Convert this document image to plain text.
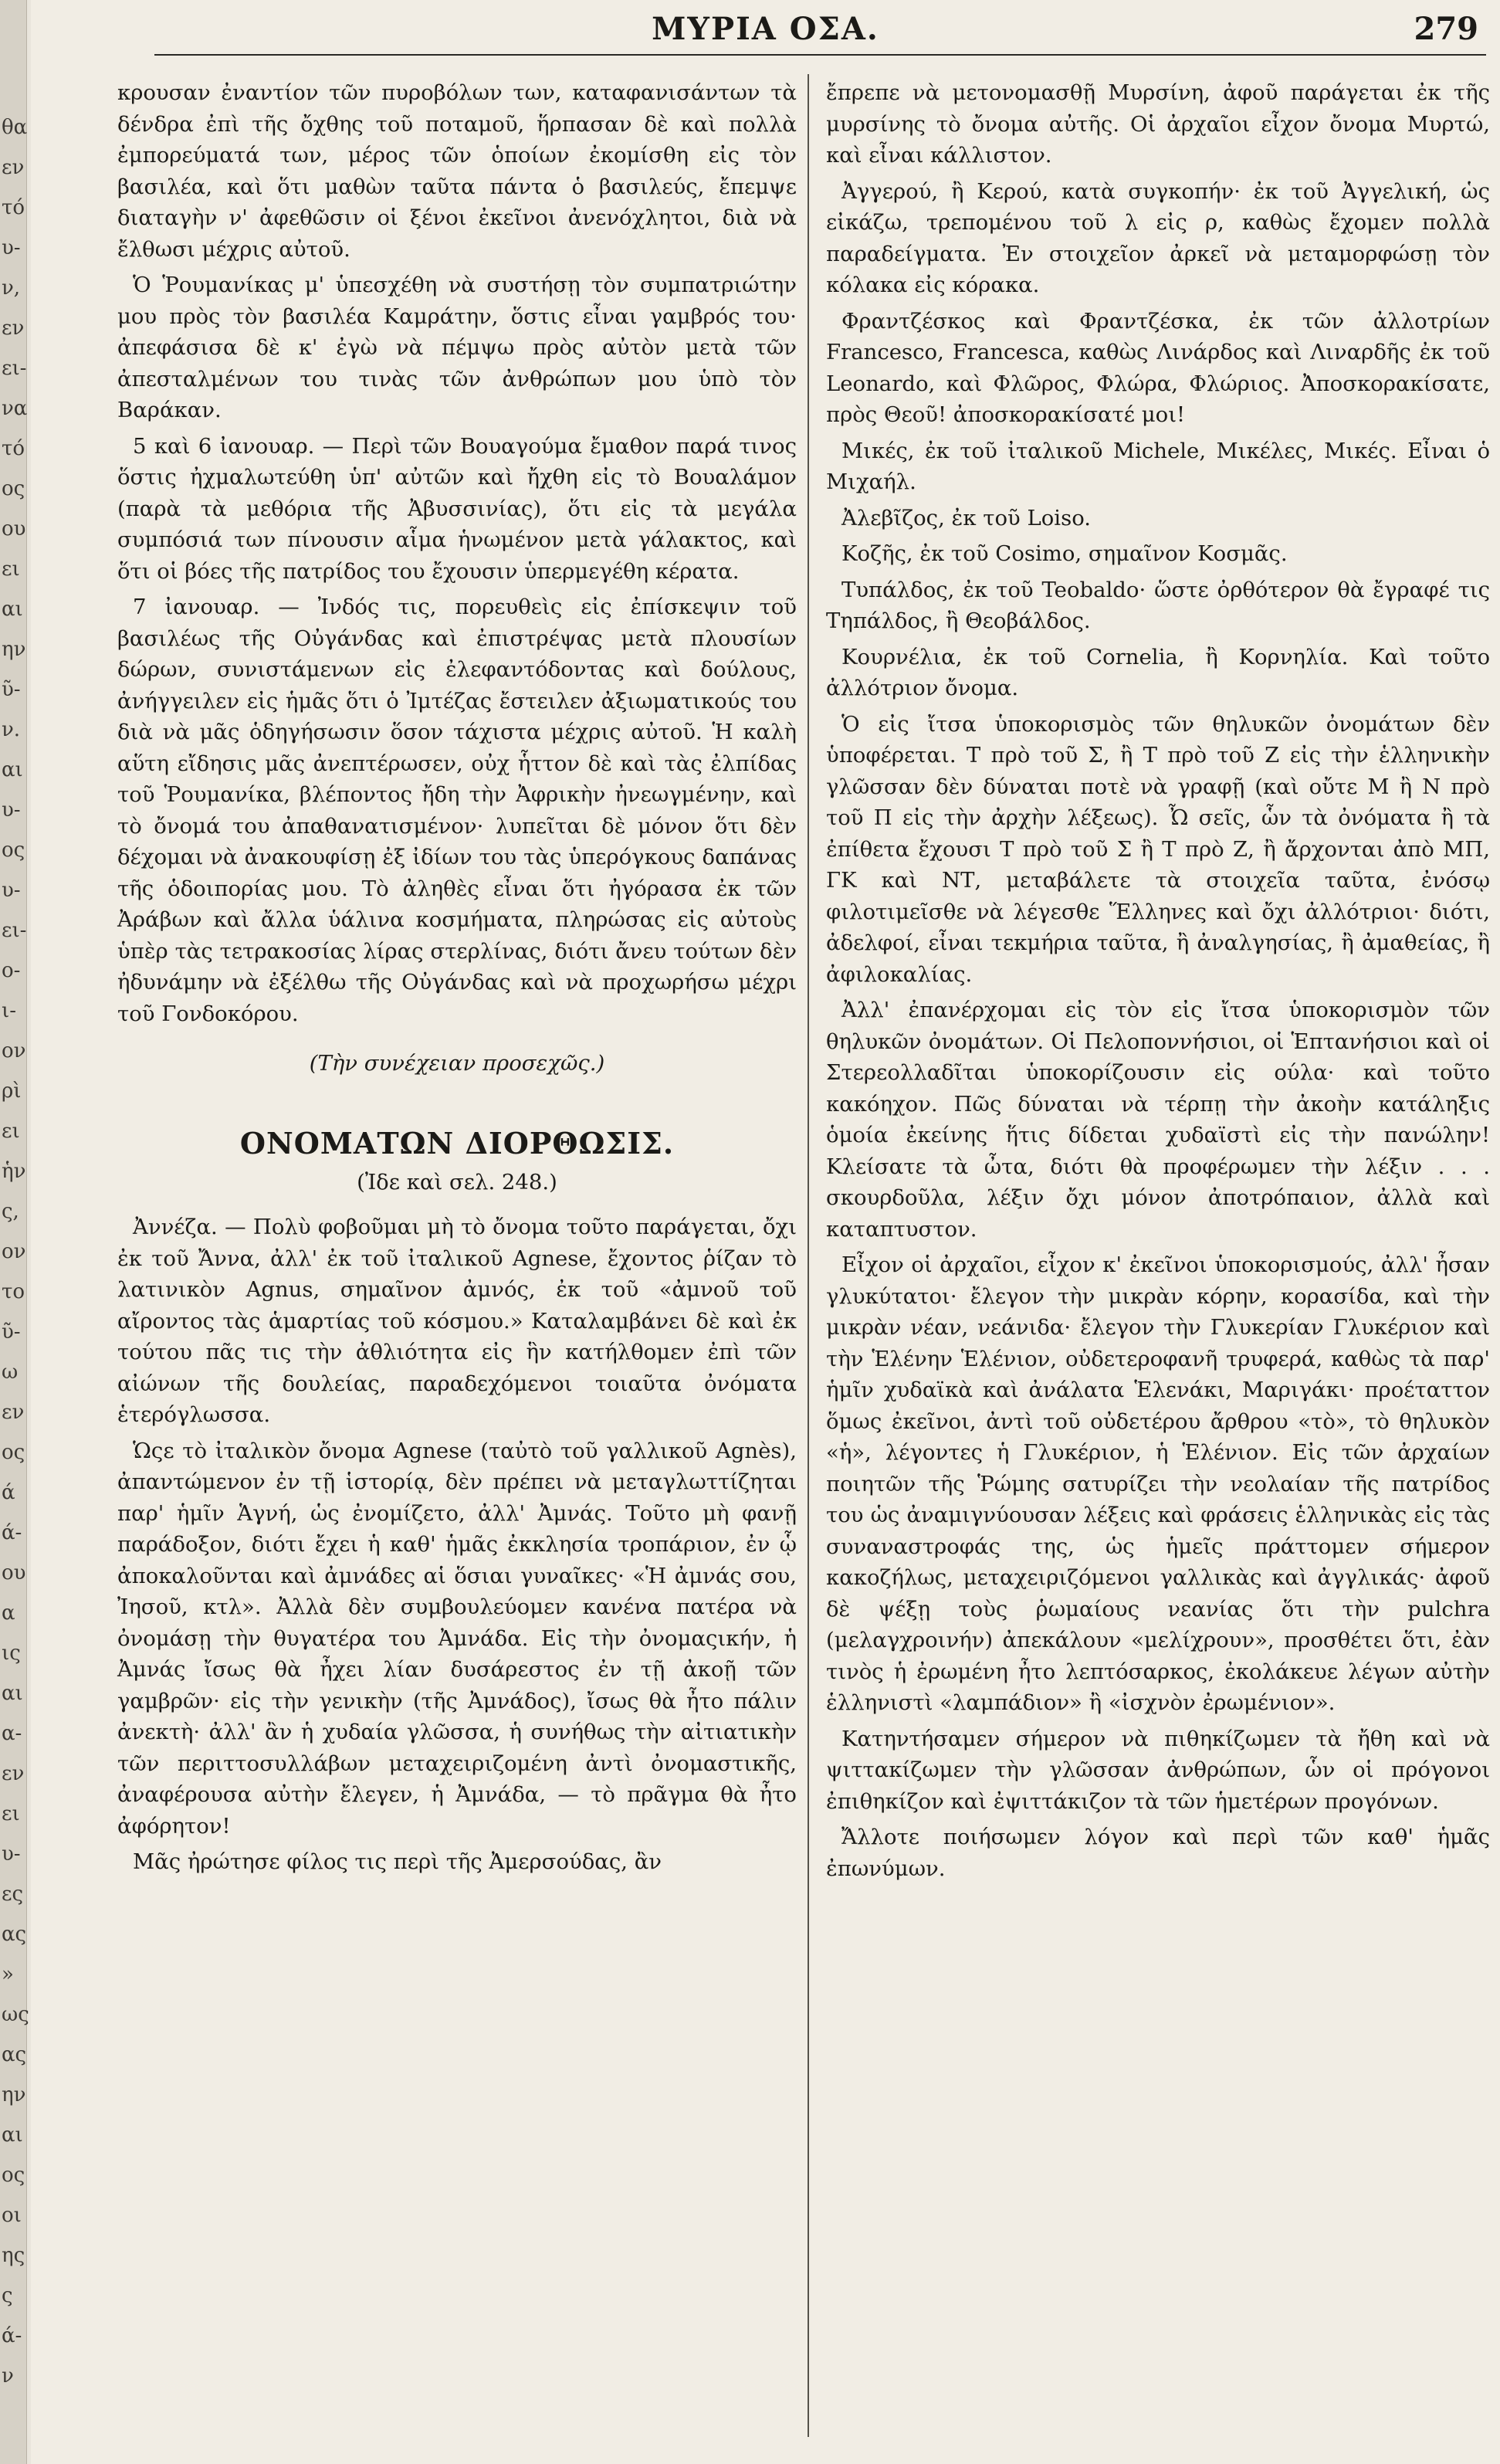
θα
εν
τό
υ-
ν,
εν
ει-
να
τό
ος
ου
ει
αι
ην
ῦ-
ν.
αι
υ-
ος
υ-
ει-
ο-
ι-
ον
ρὶ
ει
ἡν
ς,
ον
το
ῦ-
ω
εν
ος
ά
ά-
ου
α
ις
αι
α-
εν
ει
υ-
ες
ας
»
ως
ας
ην
αι
ος
οι
ης
ς
ά-
ν
ΜΥΡΙΑ ΟΣΑ.	279

κρουσαν ἐναντίον τῶν πυροβόλων των, καταφανισάντων τὰ δένδρα ἐπὶ τῆς ὄχθης τοῦ ποταμοῦ, ἥρπασαν δὲ καὶ πολλὰ ἐμπορεύματά των, μέρος τῶν ὁποίων ἐκομίσθη εἰς τὸν βασιλέα, καὶ ὅτι μαθὼν ταῦτα πάντα ὁ βασιλεύς, ἔπεμψε διαταγὴν ν' ἀφεθῶσιν οἱ ξένοι ἐκεῖνοι ἀνενόχλητοι, διὰ νὰ ἔλθωσι μέχρις αὐτοῦ.

Ὁ Ῥουμανίκας μ' ὑπεσχέθη νὰ συστήσῃ τὸν συμπατριώτην μου πρὸς τὸν βασιλέα Καμράτην, ὅστις εἶναι γαμβρός του· ἀπεφάσισα δὲ κ' ἐγὼ νὰ πέμψω πρὸς αὐτὸν μετὰ τῶν ἀπεσταλμένων του τινὰς τῶν ἀνθρώπων μου ὑπὸ τὸν Βαράκαν.

5 καὶ 6 ἰανουαρ. — Περὶ τῶν Βουαγούμα ἔμαθον παρά τινος ὅστις ἠχμαλωτεύθη ὑπ' αὐτῶν καὶ ἤχθη εἰς τὸ Βουαλάμον (παρὰ τὰ μεθόρια τῆς Ἀβυσσινίας), ὅτι εἰς τὰ μεγάλα συμπόσιά των πίνουσιν αἷμα ἡνωμένον μετὰ γάλακτος, καὶ ὅτι οἱ βόες τῆς πατρίδος του ἔχουσιν ὑπερμεγέθη κέρατα.

7 ἰανουαρ. — Ἰνδός τις, πορευθεὶς εἰς ἐπίσκεψιν τοῦ βασιλέως τῆς Οὐγάνδας καὶ ἐπιστρέψας μετὰ πλουσίων δώρων, συνιστάμενων εἰς ἐλεφαντόδοντας καὶ δούλους, ἀνήγγειλεν εἰς ἡμᾶς ὅτι ὁ Ἰμτέζας ἔστειλεν ἀξιωματικούς του διὰ νὰ μᾶς ὁδηγήσωσιν ὅσον τάχιστα μέχρις αὐτοῦ. Ἡ καλὴ αὕτη εἴδησις μᾶς ἀνεπτέρωσεν, οὐχ ἧττον δὲ καὶ τὰς ἐλπίδας τοῦ Ῥουμανίκα, βλέποντος ἤδη τὴν Ἀφρικὴν ἠνεωγμένην, καὶ τὸ ὄνομά του ἀπαθανατισμένον· λυπεῖται δὲ μόνον ὅτι δὲν δέχομαι νὰ ἀνακουφίσῃ ἐξ ἰδίων του τὰς ὑπερόγκους δαπάνας τῆς ὁδοιπορίας μου. Τὸ ἀληθὲς εἶναι ὅτι ἠγόρασα ἐκ τῶν Ἀράβων καὶ ἄλλα ὑάλινα κοσμήματα, πληρώσας εἰς αὐτοὺς ὑπὲρ τὰς τετρακοσίας λίρας στερλίνας, διότι ἄνευ τούτων δὲν ἠδυνάμην νὰ ἐξέλθω τῆς Οὐγάνδας καὶ νὰ προχωρήσω μέχρι τοῦ Γονδοκόρου.

(Τὴν συνέχειαν προσεχῶς.)

ΟΝΟΜΑΤΩΝ ΔΙΟΡΘΩΣΙΣ.

(Ἰδε καὶ σελ. 248.)

Ἀννέζα. — Πολὺ φοβοῦμαι μὴ τὸ ὄνομα τοῦτο παράγεται, ὄχι ἐκ τοῦ Ἄννα, ἀλλ' ἐκ τοῦ ἰταλικοῦ Agnese, ἔχοντος ῥίζαν τὸ λατινικὸν Agnus, σημαῖνον ἀμνός, ἐκ τοῦ «ἀμνοῦ τοῦ αἴροντος τὰς ἁμαρτίας τοῦ κόσμου.» Καταλαμβάνει δὲ καὶ ἐκ τούτου πᾶς τις τὴν ἀθλιότητα εἰς ἣν κατήλθομεν ἐπὶ τῶν αἰώνων τῆς δουλείας, παραδεχόμενοι τοιαῦτα ὀνόματα ἑτερόγλωσσα.

Ὡςε τὸ ἰταλικὸν ὄνομα Agnese (ταὐτὸ τοῦ γαλλικοῦ Agnès), ἀπαντώμενον ἐν τῇ ἱστορίᾳ, δὲν πρέπει νὰ μεταγλωττίζηται παρ' ἡμῖν Ἁγνή, ὡς ἐνομίζετο, ἀλλ' Ἀμνάς. Τοῦτο μὴ φανῇ παράδοξον, διότι ἔχει ἡ καθ' ἡμᾶς ἐκκλησία τροπάριον, ἐν ᾧ ἀποκαλοῦνται καὶ ἀμνάδες αἱ ὅσιαι γυναῖκες· «Ἡ ἀμνάς σου, Ἰησοῦ, κτλ». Ἀλλὰ δὲν συμβουλεύομεν κανένα πατέρα νὰ ὀνομάσῃ τὴν θυγατέρα του Ἀμνάδα. Εἰς τὴν ὀνομαςικήν, ἡ Ἀμνάς ἴσως θὰ ἦχει λίαν δυσάρεστος ἐν τῇ ἀκοῇ τῶν γαμβρῶν· εἰς τὴν γενικὴν (τῆς Ἀμνάδος), ἴσως θὰ ἦτο πάλιν ἀνεκτὴ· ἀλλ' ἂν ἡ χυδαία γλῶσσα, ἡ συνήθως τὴν αἰτιατικὴν τῶν περιττοσυλλάβων μεταχειριζομένη ἀντὶ ὀνομαστικῆς, ἀναφέρουσα αὐτὴν ἔλεγεν, ἡ Ἀμνάδα, — τὸ πρᾶγμα θὰ ἦτο ἀφόρητον!

Μᾶς ἠρώτησε φίλος τις περὶ τῆς Ἀμερσούδας, ἂν

ἔπρεπε νὰ μετονομασθῇ Μυρσίνη, ἀφοῦ παράγεται ἐκ τῆς μυρσίνης τὸ ὄνομα αὐτῆς. Οἱ ἀρχαῖοι εἶχον ὄνομα Μυρτώ, καὶ εἶναι κάλλιστον.

Ἀγγερού, ἢ Κερού, κατὰ συγκοπήν· ἐκ τοῦ Ἀγγελική, ὡς εἰκάζω, τρεπομένου τοῦ λ εἰς ρ, καθὼς ἔχομεν πολλὰ παραδείγματα. Ἐν στοιχεῖον ἀρκεῖ νὰ μεταμορφώσῃ τὸν κόλακα εἰς κόρακα.

Φραντζέσκος καὶ Φραντζέσκα, ἐκ τῶν ἀλλοτρίων Francesco, Francesca, καθὼς Λινάρδος καὶ Λιναρδῆς ἐκ τοῦ Leonardo, καὶ Φλῶρος, Φλώρα, Φλώριος. Ἀποσκορακίσατε, πρὸς Θεοῦ! ἀποσκορακίσατέ μοι!

Μικές, ἐκ τοῦ ἰταλικοῦ Michele, Μικέλες, Μικές. Εἶναι ὁ Μιχαήλ.

Ἀλεβῖζος, ἐκ τοῦ Loiso.

Κοζῆς, ἐκ τοῦ Cosimo, σημαῖνον Κοσμᾶς.

Τυπάλδος, ἐκ τοῦ Teobaldo· ὥστε ὀρθότερον θὰ ἔγραφέ τις Τηπάλδος, ἢ Θεοβάλδος.

Κουρνέλια, ἐκ τοῦ Cornelia, ἢ Κορνηλία. Καὶ τοῦτο ἀλλότριον ὄνομα.

Ὁ εἰς ἴτσα ὑποκορισμὸς τῶν θηλυκῶν ὀνομάτων δὲν ὑποφέρεται. Τ πρὸ τοῦ Σ, ἢ Τ πρὸ τοῦ Ζ εἰς τὴν ἑλληνικὴν γλῶσσαν δὲν δύναται ποτὲ νὰ γραφῇ (καὶ οὔτε Μ ἢ Ν πρὸ τοῦ Π εἰς τὴν ἀρχὴν λέξεως). Ὦ σεῖς, ὧν τὰ ὀνόματα ἢ τὰ ἐπίθετα ἔχουσι Τ πρὸ τοῦ Σ ἢ Τ πρὸ Ζ, ἢ ἄρχονται ἀπὸ ΜΠ, ΓΚ καὶ ΝΤ, μεταβάλετε τὰ στοιχεῖα ταῦτα, ἐνόσῳ φιλοτιμεῖσθε νὰ λέγεσθε Ἕλληνες καὶ ὄχι ἀλλότριοι· διότι, ἀδελφοί, εἶναι τεκμήρια ταῦτα, ἢ ἀναλγησίας, ἢ ἀμαθείας, ἢ ἀφιλοκαλίας.

Ἀλλ' ἐπανέρχομαι εἰς τὸν εἰς ἴτσα ὑποκορισμὸν τῶν θηλυκῶν ὀνομάτων. Οἱ Πελοποννήσιοι, οἱ Ἑπτανήσιοι καὶ οἱ Στερεολλαδῖται ὑποκορίζουσιν εἰς ούλα· καὶ τοῦτο κακόηχον. Πῶς δύναται νὰ τέρπῃ τὴν ἀκοὴν κατάληξις ὁμοία ἐκείνης ἥτις δίδεται χυδαϊστὶ εἰς τὴν πανώλην! Κλείσατε τὰ ὦτα, διότι θὰ προφέρωμεν τὴν λέξιν . . . σκουρδοῦλα, λέξιν ὄχι μόνον ἀποτρόπαιον, ἀλλὰ καὶ καταπτυστον.

Εἶχον οἱ ἀρχαῖοι, εἶχον κ' ἐκεῖνοι ὑποκορισμούς, ἀλλ' ἦσαν γλυκύτατοι· ἔλεγον τὴν μικρὰν κόρην, κορασίδα, καὶ τὴν μικρὰν νέαν, νεάνιδα· ἔλεγον τὴν Γλυκερίαν Γλυκέριον καὶ τὴν Ἑλένην Ἑλένιον, οὐδετεροφανῆ τρυφερά, καθὼς τὰ παρ' ἡμῖν χυδαϊκὰ καὶ ἀνάλατα Ἑλενάκι, Μαριγάκι· προέταττον ὅμως ἐκεῖνοι, ἀντὶ τοῦ οὐδετέρου ἄρθρου «τὸ», τὸ θηλυκὸν «ἡ», λέγοντες ἡ Γλυκέριον, ἡ Ἑλένιον. Εἰς τῶν ἀρχαίων ποιητῶν τῆς Ῥώμης σατυρίζει τὴν νεολαίαν τῆς πατρίδος του ὡς ἀναμιγνύουσαν λέξεις καὶ φράσεις ἑλληνικὰς εἰς τὰς συναναστροφάς της, ὡς ἡμεῖς πράττομεν σήμερον κακοζήλως, μεταχειριζόμενοι γαλλικὰς καὶ ἀγγλικάς· ἀφοῦ δὲ ψέξῃ τοὺς ῥωμαίους νεανίας ὅτι τὴν pulchra (μελαγχροινήν) ἀπεκάλουν «μελίχρουν», προσθέτει ὅτι, ἐὰν τινὸς ἡ ἐρωμένη ἦτο λεπτόσαρκος, ἐκολάκευε λέγων αὐτὴν ἑλληνιστὶ «λαμπάδιον» ἢ «ἰσχνὸν ἐρωμένιον».

Κατηντήσαμεν σήμερον νὰ πιθηκίζωμεν τὰ ἤθη καὶ νὰ ψιττακίζωμεν τὴν γλῶσσαν ἀνθρώπων, ὧν οἱ πρόγονοι ἐπιθηκίζον καὶ ἐψιττάκιζον τὰ τῶν ἡμετέρων προγόνων.

Ἄλλοτε ποιήσωμεν λόγον καὶ περὶ τῶν καθ' ἡμᾶς ἐπωνύμων.
